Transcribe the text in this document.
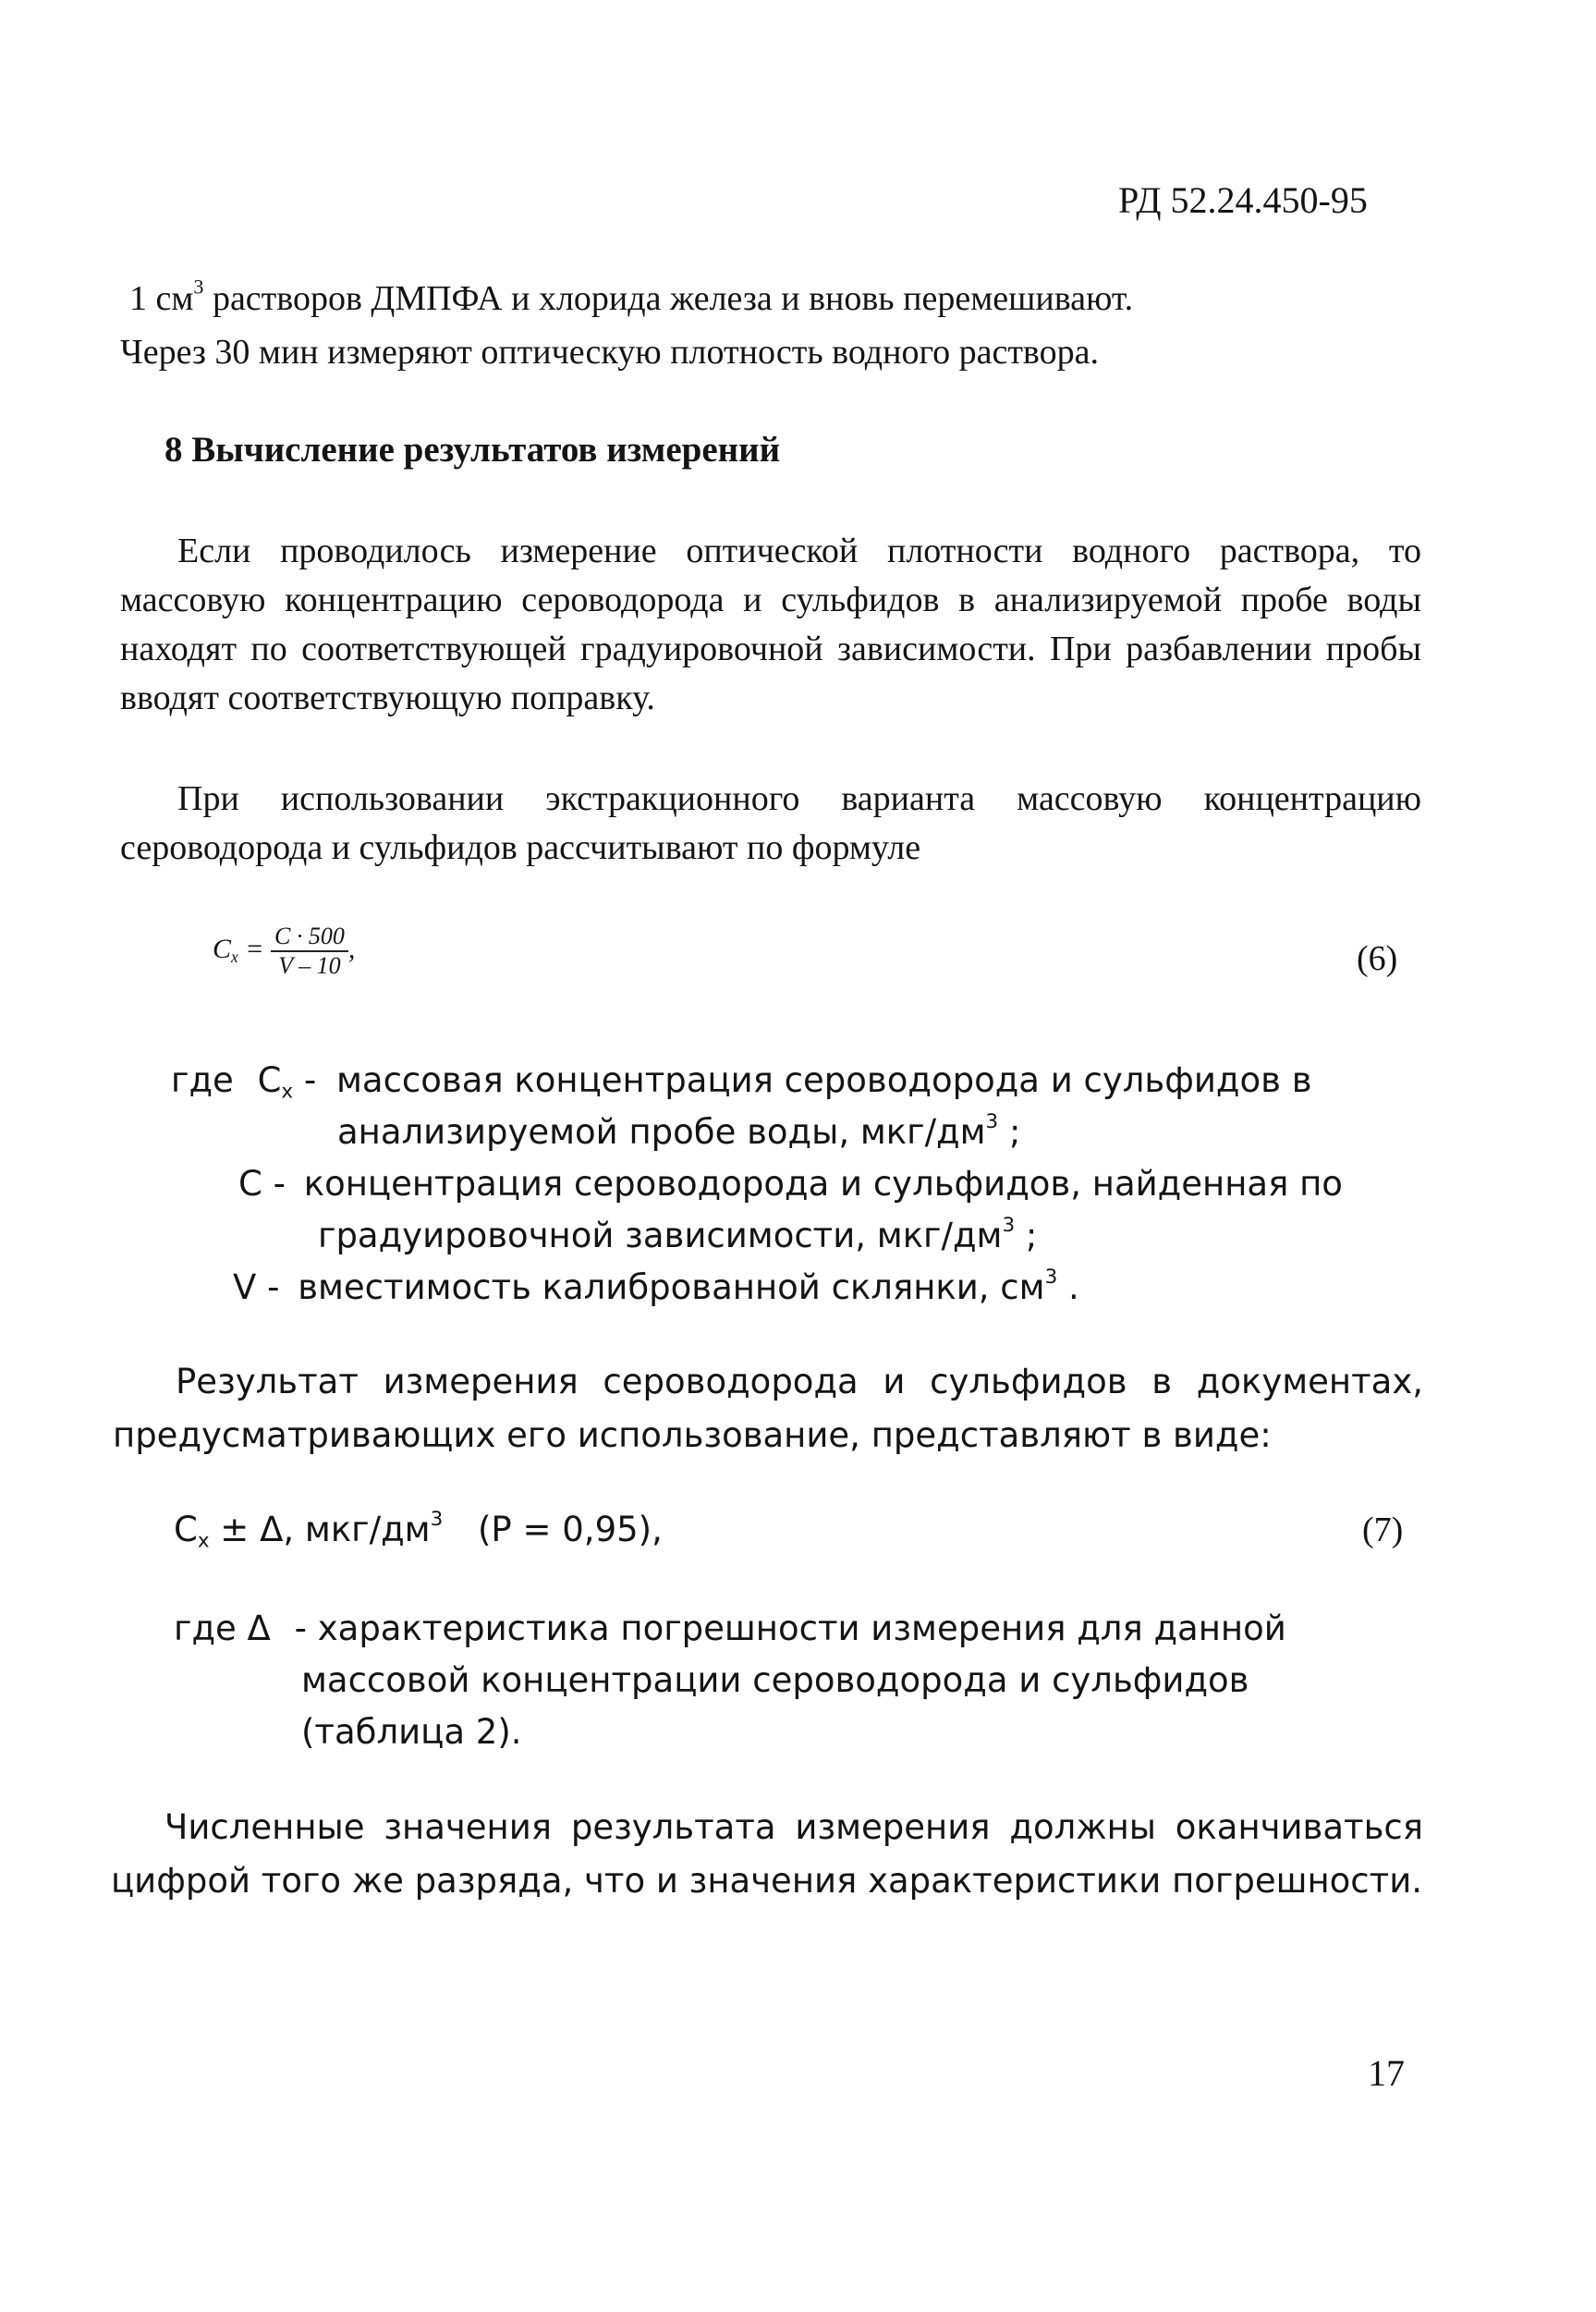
РД 52.24.450-95
1 $см^3$ растворов ДМПФА и хлорида железа и вновь перемешивают.
Через 30 мин измеряют оптическую плотность водного раствора.
8 Вычисление результатов измерений
Если проводилось измерение оптической плотности водного раствора, то массовую концентрацию сероводорода и сульфидов в анализируемой пробе воды находят по соответствующей градуировочной зависимости. При разбавлении пробы вводят соответствующую поправку.
При использовании экстракционного варианта массовую концентрацию сероводорода и сульфидов рассчитывают по формуле
$C_x = \frac{C \cdot 500}{V - 10}$ ,	(6)
где $C_x$ - массовая концентрация сероводорода и сульфидов в
анализируемой пробе воды, мкг/$дм^3$ ;
C - концентрация сероводорода и сульфидов, найденная по
градуировочной зависимости, мкг/$дм^3$ ;
V - вместимость калиброванной склянки, $см^3$ .
Результат измерения сероводорода и сульфидов в документах, предусматривающих его использование, представляют в виде:
$C_x \pm \Delta$, мкг/$дм^3$ (Р = 0,95),	(7)
где Δ - характеристика погрешности измерения для данной
массовой концентрации сероводорода и сульфидов
(таблица 2).
Численные значения результата измерения должны оканчиваться цифрой того же разряда, что и значения характеристики погрешности.
17
